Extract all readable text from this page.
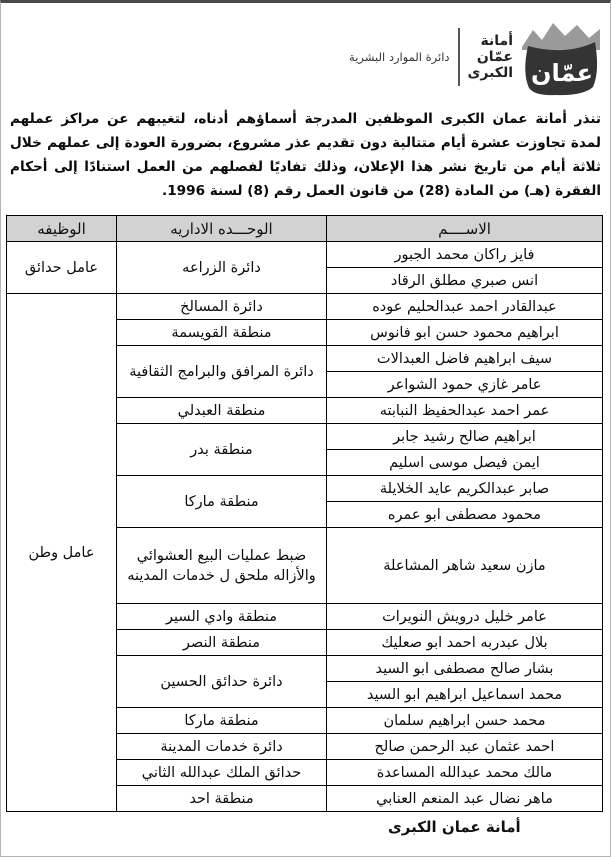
عمّان
أمانة
عمّان
الكبرى
دائرة الموارد البشرية

تنذر أمانة عمان الكبرى الموظفين المدرجة أسماؤهم أدناه، لتغيبهم عن مراكز عملهم لمدة تجاوزت عشرة أيام متتالية دون تقديم عذر مشروع، بضرورة العودة إلى عملهم خلال ثلاثة أيام من تاريخ نشر هذا الإعلان، وذلك تفاديًا لفصلهم من العمل استنادًا إلى أحكام الفقرة (هـ) من المادة (28) من قانون العمل رقم (8) لسنة 1996.

الاســــم	الوحـــده الاداريه	الوظيفه
فايز راكان محمد الجبور	دائرة الزراعه	عامل حدائق
انس صبري مطلق الرقاد		
عبدالقادر احمد عبدالحليم عوده	دائرة المسالخ	عامل وطن
ابراهيم محمود حسن ابو فانوس	منطقة القويسمة	
سيف ابراهيم فاضل العبدالات	دائرة المرافق والبرامج الثقافية	
عامر غازي حمود الشواعر		
عمر احمد عبدالحفيظ النبابته	منطقة العبدلي	
ابراهيم صالح رشيد جابر	منطقة بدر	
ايمن فيصل موسى اسليم		
صابر عبدالكريم عايد الخلايلة	منطقة ماركا	
محمود مصطفى ابو عمره		
مازن سعيد شاهر المشاعلة	ضبط عمليات البيع العشوائي والأزاله ملحق ل خدمات المدينه	
عامر خليل درويش النويرات	منطقة وادي السير	
بلال عبدربه احمد ابو صعليك	منطقة النصر	
بشار صالح مصطفى ابو السيد	دائرة حدائق الحسين	
محمد اسماعيل ابراهيم ابو السيد		
محمد حسن ابراهيم سلمان	منطقة ماركا	
احمد عثمان عبد الرحمن صالح	دائرة خدمات المدينة	
مالك محمد عبدالله المساعدة	حدائق الملك عبدالله الثاني	
ماهر نضال عبد المنعم العنابي	منطقة احد	
أمانة عمان الكبرى
